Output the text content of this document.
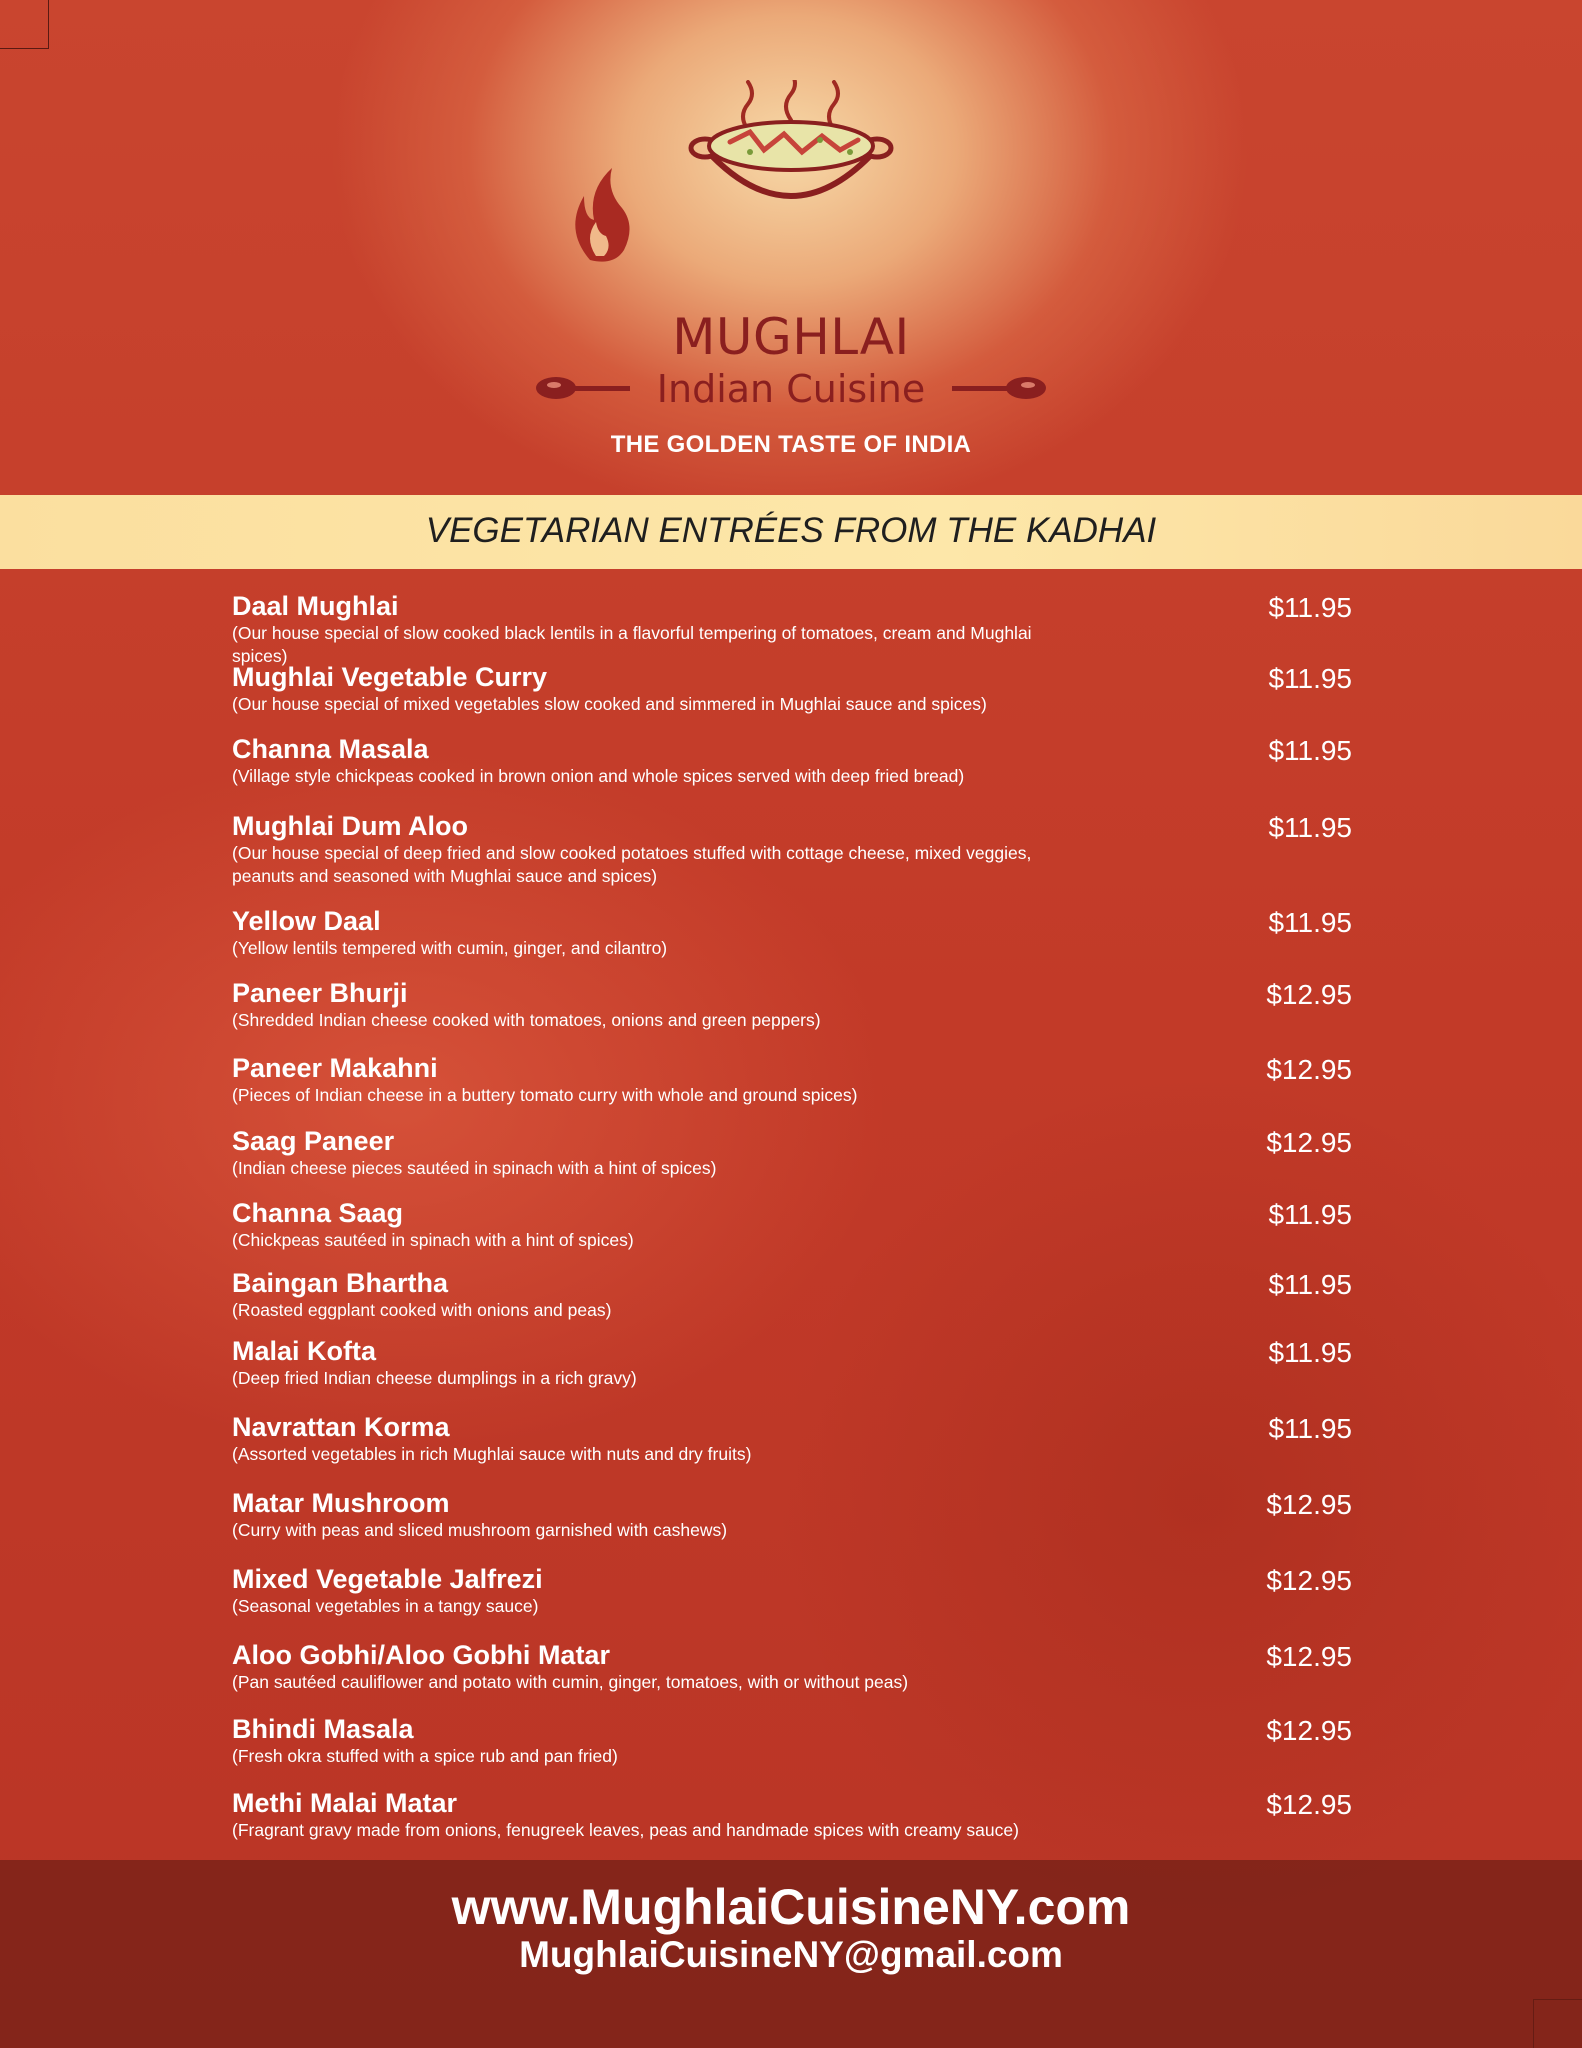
Indian Cuisine
MUGHLAI
THE GOLDEN TASTE OF INDIA
VEGETARIAN ENTRÉES FROM THE KADHAI
Daal Mughlai
(Our house special of slow cooked black lentils in a flavorful tempering of tomatoes, cream and Mughlai spices)
$11.95
Mughlai Vegetable Curry
(Our house special of mixed vegetables slow cooked and simmered in Mughlai sauce and spices)
$11.95
Channa Masala
(Village style chickpeas cooked in brown onion and whole spices served with deep fried bread)
$11.95
Mughlai Dum Aloo
(Our house special of deep fried and slow cooked potatoes stuffed with cottage cheese, mixed veggies, peanuts and seasoned with Mughlai sauce and spices)
$11.95
Yellow Daal
(Yellow lentils tempered with cumin, ginger, and cilantro)
$11.95
Paneer Bhurji
(Shredded Indian cheese cooked with tomatoes, onions and green peppers)
$12.95
Paneer Makahni
(Pieces of Indian cheese in a buttery tomato curry with whole and ground spices)
$12.95
Saag Paneer
(Indian cheese pieces sautéed in spinach with a hint of spices)
$12.95
Channa Saag
(Chickpeas sautéed in spinach with a hint of spices)
$11.95
Baingan Bhartha
(Roasted eggplant cooked with onions and peas)
$11.95
Malai Kofta
(Deep fried Indian cheese dumplings in a rich gravy)
$11.95
Navrattan Korma
(Assorted vegetables in rich Mughlai sauce with nuts and dry fruits)
$11.95
Matar Mushroom
(Curry with peas and sliced mushroom garnished with cashews)
$12.95
Mixed Vegetable Jalfrezi
(Seasonal vegetables in a tangy sauce)
$12.95
Aloo Gobhi/Aloo Gobhi Matar
(Pan sautéed cauliflower and potato with cumin, ginger, tomatoes, with or without peas)
$12.95
Bhindi Masala
(Fresh okra stuffed with a spice rub and pan fried)
$12.95
Methi Malai Matar
(Fragrant gravy made from onions, fenugreek leaves, peas and handmade spices with creamy sauce)
$12.95
www.MughlaiCuisineNY.com
MughlaiCuisineNY@gmail.com
